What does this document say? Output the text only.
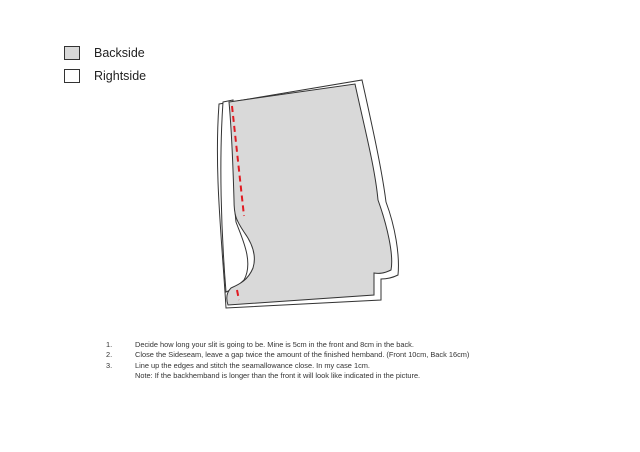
Backside
Rightside
1.	Decide how long your slit is going to be. Mine is 5cm in the front and 8cm in the back.
2.	Close the Sideseam, leave a gap twice the amount of the finished hemband. (Front 10cm, Back 16cm)
3.	Line up the edges and stitch the seamallowance close. In my case 1cm.
Note: If the backhemband is longer than the front it will look like indicated in the picture.
